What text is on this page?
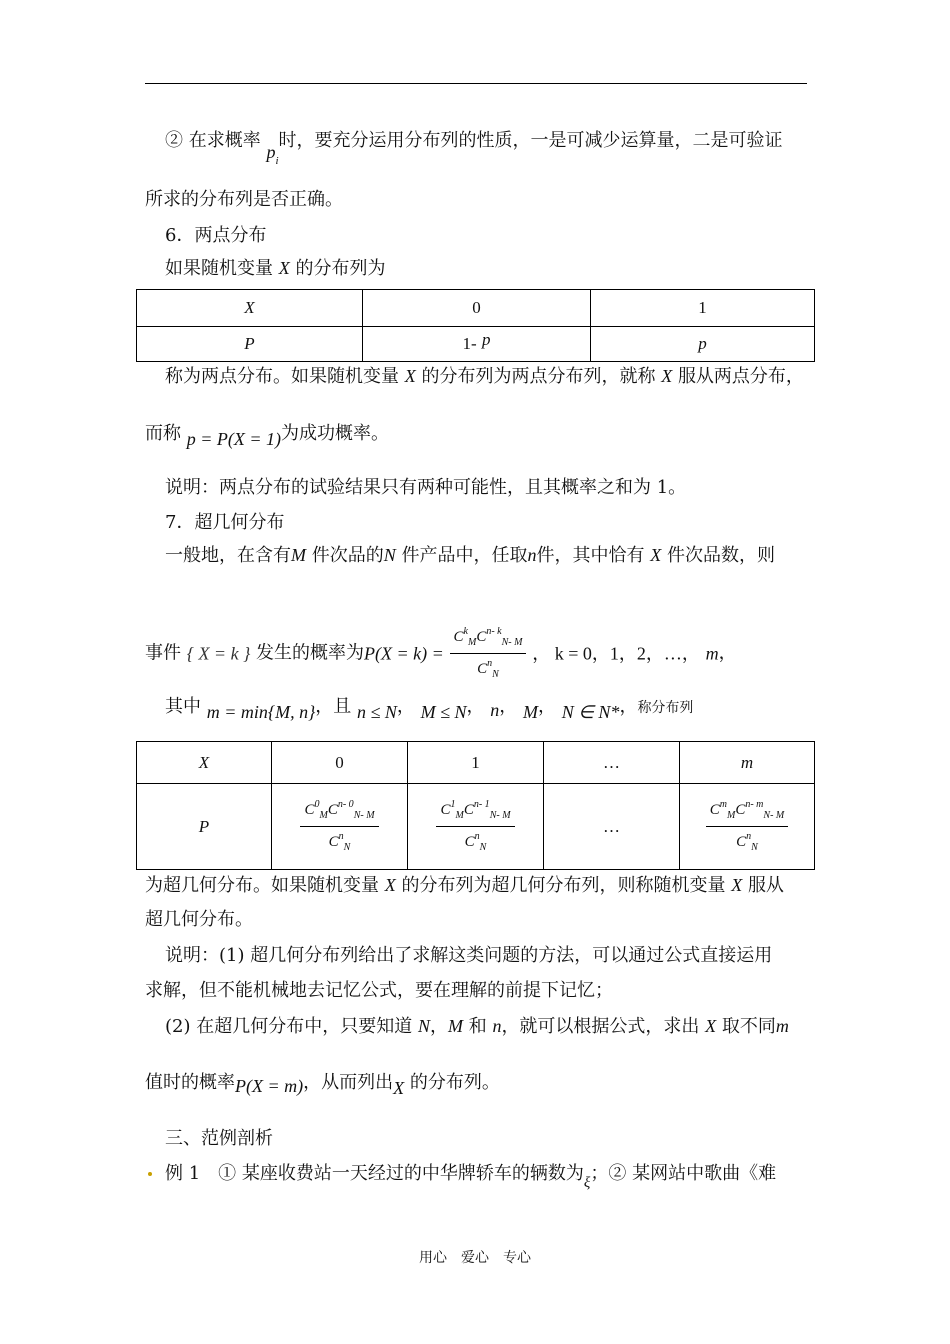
② 在求概率 $p_i$时，要充分运用分布列的性质，一是可减少运算量，二是可验证
所求的分布列是否正确。
6．两点分布
如果随机变量 X 的分布列为
X	0	1
P	1- p	p
称为两点分布。如果随机变量 X 的分布列为两点分布列，就称 X 服从两点分布，
而称 p = P(X = 1)为成功概率。
说明：两点分布的试验结果只有两种可能性，且其概率之和为 1。
7．超几何分布
一般地，在含有M 件次品的N 件产品中，任取n件，其中恰有 X 件次品数，则
事件 { X = k } 发生的概率为$P(X = k) = \frac{C^k_MC^{n- k}_{N- M}}{C^n_N}$ ， k = 0，1，2，…， m，
其中 m = min{M, n}，且 n ≤ N， M ≤ N， n， M， N ∈ N*，称分布列
X	0	1	…	m
P	$\frac{C^0_MC^{n- 0}_{N- M}}{C^n_N}$	$\frac{C^1_MC^{n- 1}_{N- M}}{C^n_N}$	…	$\frac{C^m_MC^{n- m}_{N- M}}{C^n_N}$
为超几何分布。如果随机变量 X 的分布列为超几何分布列，则称随机变量 X 服从
超几何分布。
说明：(1) 超几何分布列给出了求解这类问题的方法，可以通过公式直接运用
求解，但不能机械地去记忆公式，要在理解的前提下记忆；
(2) 在超几何分布中，只要知道 N，M 和 n，就可以根据公式，求出 X 取不同m
值时的概率P(X = m)，从而列出X 的分布列。
三、范例剖析
例 1　① 某座收费站一天经过的中华牌轿车的辆数为$_\xi$；② 某网站中歌曲《难
用心　爱心　专心
